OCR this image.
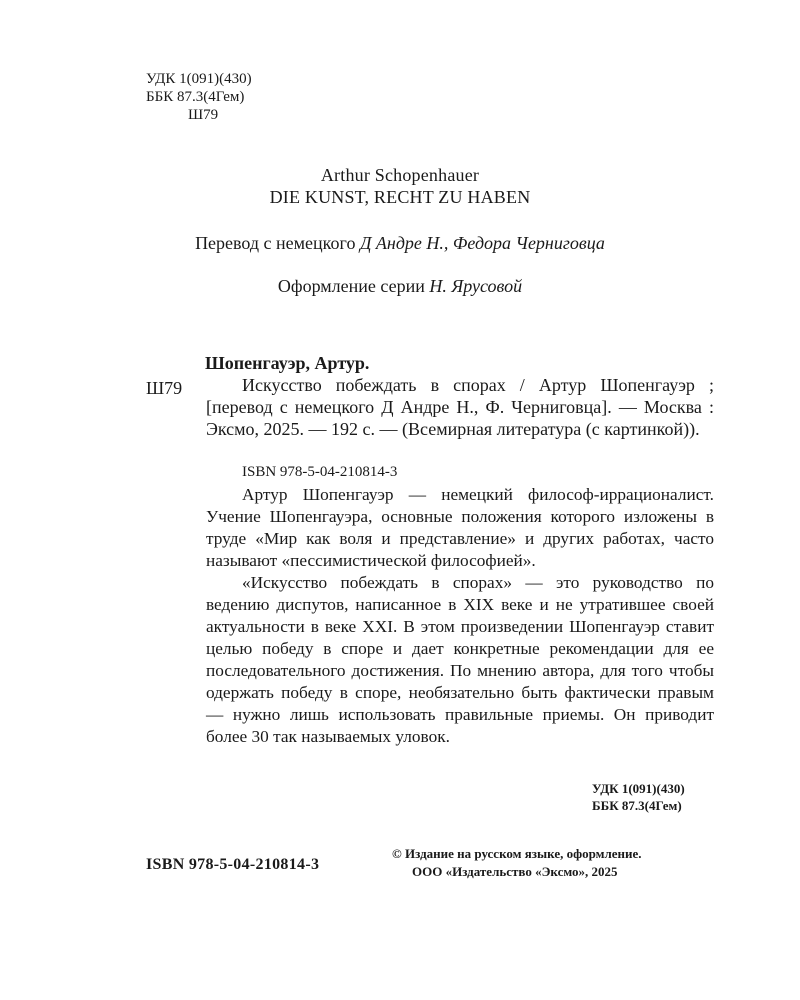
УДК 1(091)(430)
ББК 87.3(4Гем)
Ш79
Arthur Schopenhauer
DIE KUNST, RECHT ZU HABEN
Перевод с немецкого Д Андре Н., Федора Черниговца
Оформление серии Н. Ярусовой
Шопенгауэр, Артур.
Ш79	Искусство побеждать в спорах / Артур Шопенгауэр ; [перевод с немецкого Д Андре Н., Ф. Черниговца]. — Москва : Эксмо, 2025. — 192 с. — (Всемирная литература (с картинкой)).

ISBN 978-5-04-210814-3

Артур Шопенгауэр — немецкий философ-иррационалист. Учение Шопенгауэра, основные положения которого изложены в труде «Мир как воля и представление» и других работах, часто называют «пессимистической философией».

«Искусство побеждать в спорах» — это руководство по ведению диспутов, написанное в XIX веке и не утратившее своей актуальности в веке XXI. В этом произведении Шопенгауэр ставит целью победу в споре и дает конкретные рекомендации для ее последовательного достижения. По мнению автора, для того чтобы одержать победу в споре, необязательно быть фактически правым — нужно лишь использовать правильные приемы. Он приводит более 30 так называемых уловок.

УДК 1(091)(430)
ББК 87.3(4Гем)
ISBN 978-5-04-210814-3
© Издание на русском языке, оформление.
ООО «Издательство «Эксмо», 2025
